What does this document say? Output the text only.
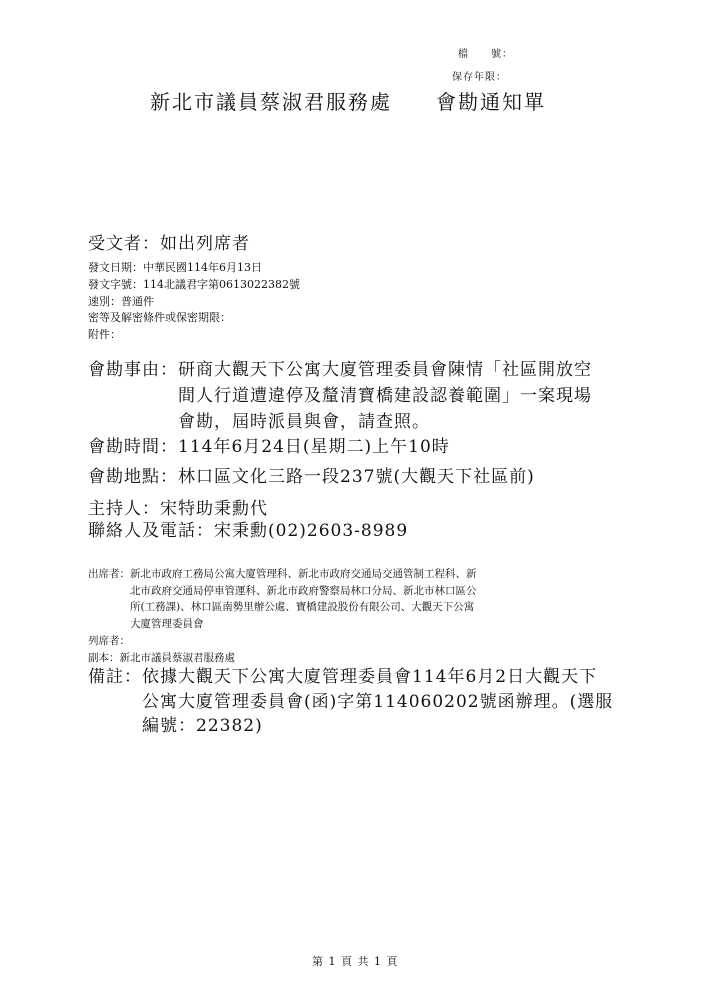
檔　　號：
保存年限：
新北市議員蔡淑君服務處　　會勘通知單
受文者：如出列席者
發文日期：中華民國114年6月13日
發文字號：114北議君字第0613022382號
速別：普通件
密等及解密條件或保密期限：
附件：
會勘事由： 研商大觀天下公寓大廈管理委員會陳情「社區開放空
間人行道遭違停及釐清寶橋建設認養範圍」一案現場
會勘，屆時派員與會，請查照。
會勘時間：114年6月24日(星期二)上午10時
會勘地點：林口區文化三路一段237號(大觀天下社區前)
主持人：宋特助秉勳代
聯絡人及電話：宋秉勳(02)2603-8989
出席者： 新北市政府工務局公寓大廈管理科、新北市政府交通局交通管制工程科、新
北市政府交通局停車管運科、新北市政府警察局林口分局、新北市林口區公
所(工務課)、林口區南勢里辦公處、寶橋建設股份有限公司、大觀天下公寓
大廈管理委員會
列席者：
副本：新北市議員蔡淑君服務處
備註： 依據大觀天下公寓大廈管理委員會114年6月2日大觀天下
公寓大廈管理委員會(函)字第114060202號函辦理。(選服
編號：22382)
第 1 頁 共 1 頁
